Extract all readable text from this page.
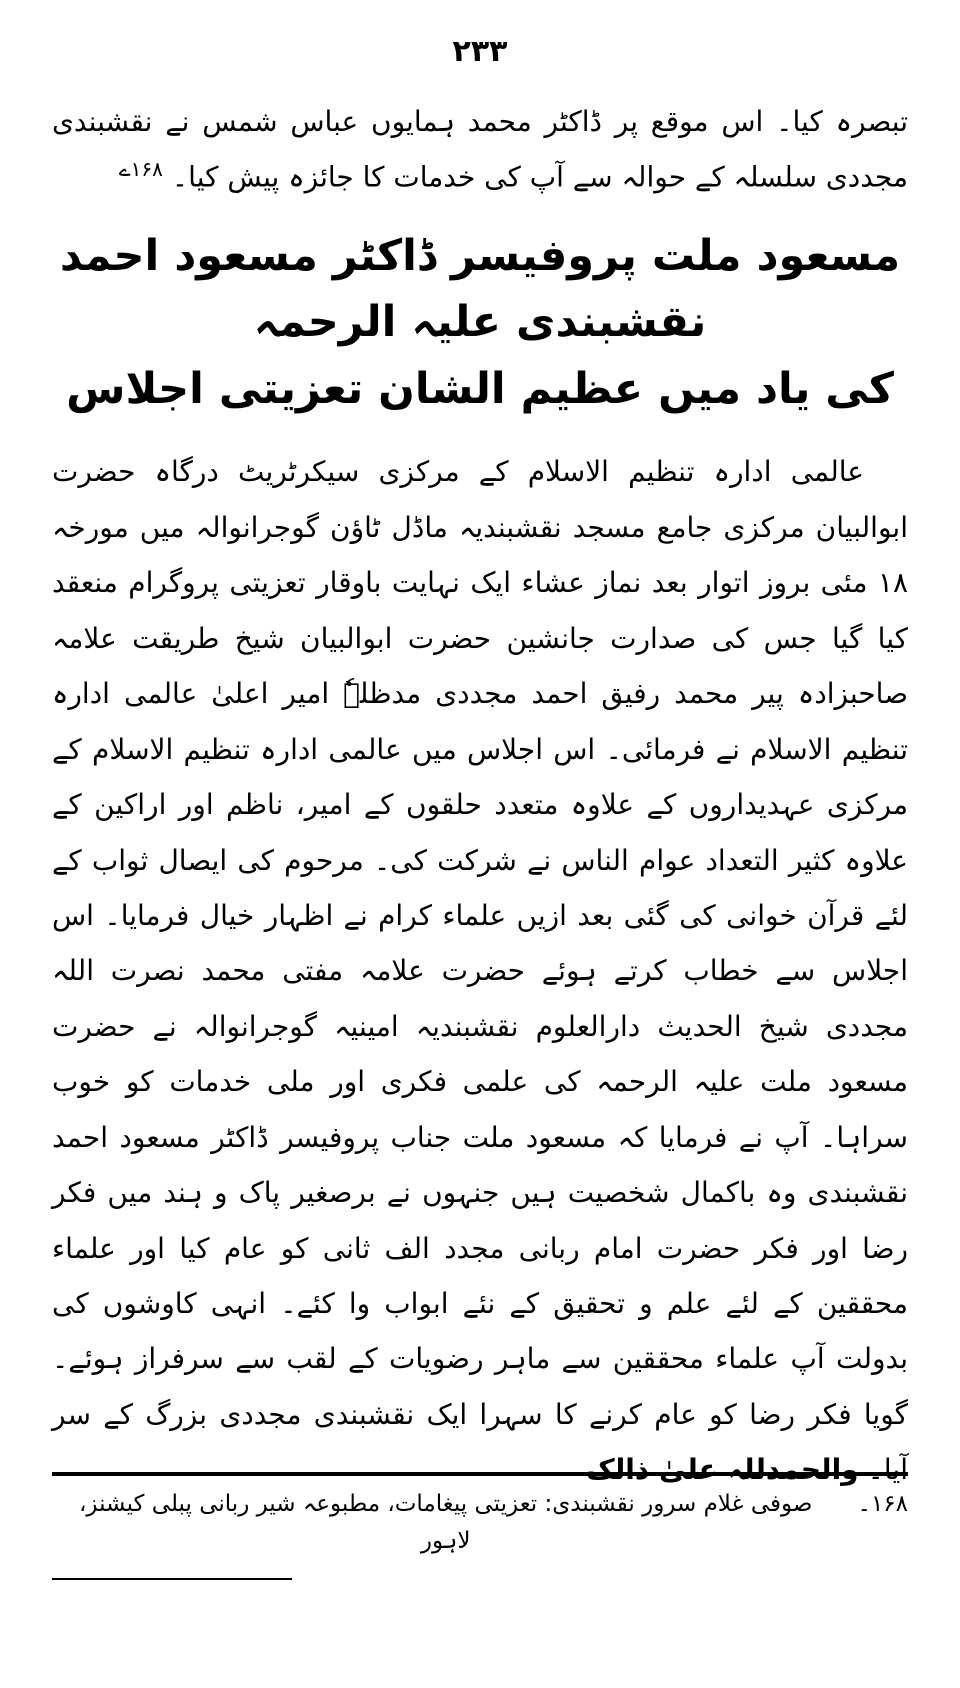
۲۳۳

تبصرہ کیا۔ اس موقع پر ڈاکٹر محمد ہمایوں عباس شمس نے نقشبندی مجددی سلسلہ کے حوالہ سے آپ کی خدمات کا جائزہ پیش کیا۔ $^{۱۶۸ے}$

مسعود ملت پروفیسر ڈاکٹر مسعود احمد نقشبندی علیہ الرحمہ
کی یاد میں عظیم الشان تعزیتی اجلاس

عالمی ادارہ تنظیم الاسلام کے مرکزی سیکرٹریٹ درگاہ حضرت ابوالبیان مرکزی جامع مسجد نقشبندیہ ماڈل ٹاؤن گوجرانوالہ میں مورخہ ۱۸ مئی بروز اتوار بعد نماز عشاء ایک نہایت باوقار تعزیتی پروگرام منعقد کیا گیا جس کی صدارت جانشین حضرت ابوالبیان شیخ طریقت علامہ صاحبزادہ پیر محمد رفیق احمد مجددی مدظلہٗ امیر اعلیٰ عالمی ادارہ تنظیم الاسلام نے فرمائی۔ اس اجلاس میں عالمی ادارہ تنظیم الاسلام کے مرکزی عہدیداروں کے علاوہ متعدد حلقوں کے امیر، ناظم اور اراکین کے علاوہ کثیر التعداد عوام الناس نے شرکت کی۔ مرحوم کی ایصال ثواب کے لئے قرآن خوانی کی گئی بعد ازیں علماء کرام نے اظہار خیال فرمایا۔ اس اجلاس سے خطاب کرتے ہوئے حضرت علامہ مفتی محمد نصرت اللہ مجددی شیخ الحدیث دارالعلوم نقشبندیہ امینیہ گوجرانوالہ نے حضرت مسعود ملت علیہ الرحمہ کی علمی فکری اور ملی خدمات کو خوب سراہا۔ آپ نے فرمایا کہ مسعود ملت جناب پروفیسر ڈاکٹر مسعود احمد نقشبندی وہ باکمال شخصیت ہیں جنہوں نے برصغیر پاک و ہند میں فکر رضا اور فکر حضرت امام ربانی مجدد الف ثانی کو عام کیا اور علماء محققین کے لئے علم و تحقیق کے نئے ابواب وا کئے۔ انہی کاوشوں کی بدولت آپ علماء محققین سے ماہر رضویات کے لقب سے سرفراز ہوئے۔ گویا فکر رضا کو عام کرنے کا سہرا ایک نقشبندی مجددی بزرگ کے سر آیا۔ والحمدللہ علیٰ ذالک

۱۶۸۔
صوفی غلام سرور نقشبندی: تعزیتی پیغامات، مطبوعہ شیر ربانی پبلی کیشنز، لاہور
